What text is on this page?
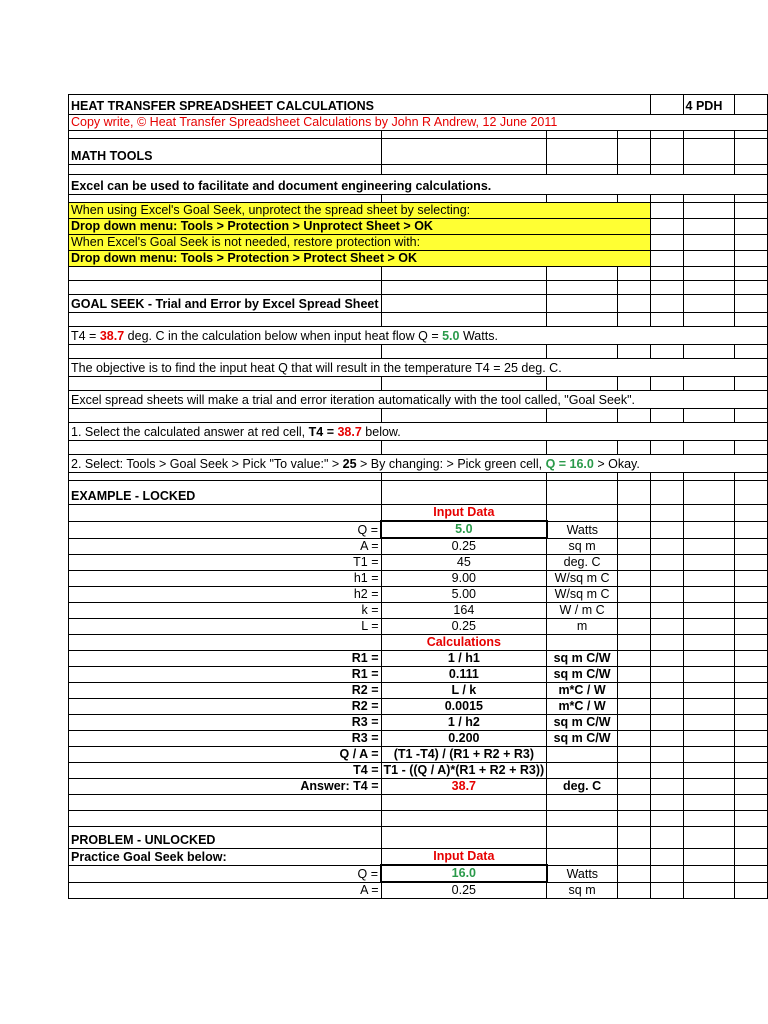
HEAT TRANSFER SPREADSHEET CALCULATIONS					4 PDH	
Copy write, © Heat Transfer Spreadsheet Calculations by John R Andrew, 12 June 2011						

MATH TOOLS						

Excel can be used to facilitate and document engineering calculations.						

When using Excel's Goal Seek, unprotect the spread sheet by selecting:						
Drop down menu: Tools > Protection > Unprotect Sheet > OK						
When Excel's Goal Seek is not needed, restore protection with:						
Drop down menu: Tools > Protection > Protect Sheet > OK						

GOAL SEEK - Trial and Error by Excel Spread Sheet						

T4 = 38.7 deg. C in the calculation below when input heat flow Q = 5.0 Watts.						

The objective is to find the input heat Q that will result in the temperature T4 = 25 deg. C.						

Excel spread sheets will make a trial and error iteration automatically with the tool called, "Goal Seek".						

1. Select the calculated answer at red cell, T4 = 38.7 below.						

2. Select: Tools > Goal Seek > Pick "To value:" > 25 > By changing: > Pick green cell, Q = 16.0 > Okay.						

EXAMPLE - LOCKED						
	Input Data					
Q =	5.0	Watts				
A =	0.25	sq m				
T1 =	45	deg. C				
h1 =	9.00	W/sq m C				
h2 =	5.00	W/sq m C				
k =	164	W / m C				
L =	0.25	m				
	Calculations					
R1 =	1 / h1	sq m C/W				
R1 =	0.111	sq m C/W				
R2 =	L / k	m*C / W				
R2 =	0.0015	m*C / W				
R3 =	1 / h2	sq m C/W				
R3 =	0.200	sq m C/W				
Q / A =	(T1 -T4) / (R1 + R2 + R3)					
T4 =	T1 - ((Q / A)*(R1 + R2 + R3))					
Answer: T4 =	38.7	deg. C				

PROBLEM - UNLOCKED						
Practice Goal Seek below:	Input Data					
Q =	16.0	Watts				
A =	0.25	sq m				
